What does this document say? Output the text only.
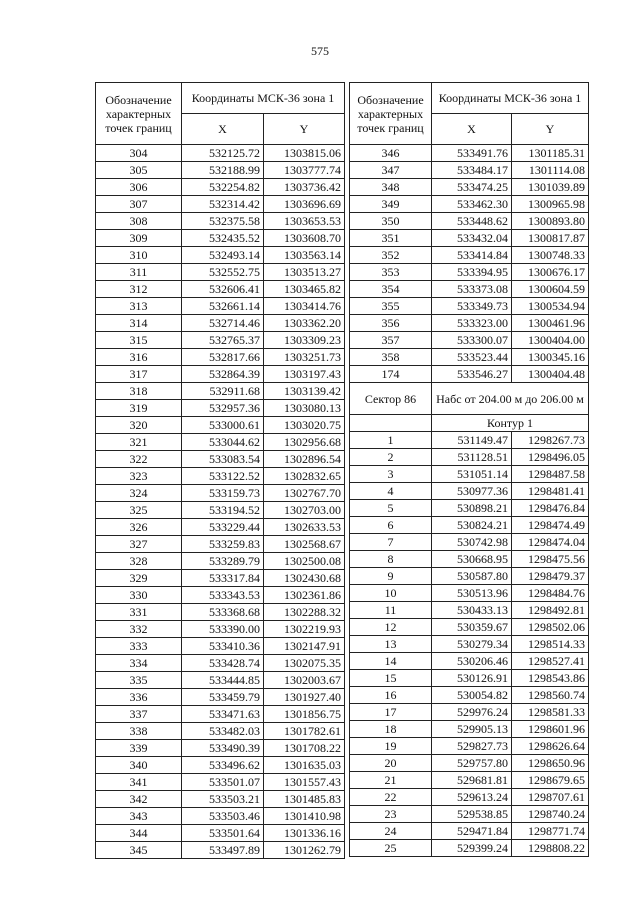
575
Обозначение характерных точек границ	Координаты МСК-36 зона 1	
	X	Y
304	532125.72	1303815.06
305	532188.99	1303777.74
306	532254.82	1303736.42
307	532314.42	1303696.69
308	532375.58	1303653.53
309	532435.52	1303608.70
310	532493.14	1303563.14
311	532552.75	1303513.27
312	532606.41	1303465.82
313	532661.14	1303414.76
314	532714.46	1303362.20
315	532765.37	1303309.23
316	532817.66	1303251.73
317	532864.39	1303197.43
318	532911.68	1303139.42
319	532957.36	1303080.13
320	533000.61	1303020.75
321	533044.62	1302956.68
322	533083.54	1302896.54
323	533122.52	1302832.65
324	533159.73	1302767.70
325	533194.52	1302703.00
326	533229.44	1302633.53
327	533259.83	1302568.67
328	533289.79	1302500.08
329	533317.84	1302430.68
330	533343.53	1302361.86
331	533368.68	1302288.32
332	533390.00	1302219.93
333	533410.36	1302147.91
334	533428.74	1302075.35
335	533444.85	1302003.67
336	533459.79	1301927.40
337	533471.63	1301856.75
338	533482.03	1301782.61
339	533490.39	1301708.22
340	533496.62	1301635.03
341	533501.07	1301557.43
342	533503.21	1301485.83
343	533503.46	1301410.98
344	533501.64	1301336.16
345	533497.89	1301262.79
Обозначение характерных точек границ	Координаты МСК-36 зона 1	
	X	Y
346	533491.76	1301185.31
347	533484.17	1301114.08
348	533474.25	1301039.89
349	533462.30	1300965.98
350	533448.62	1300893.80
351	533432.04	1300817.87
352	533414.84	1300748.33
353	533394.95	1300676.17
354	533373.08	1300604.59
355	533349.73	1300534.94
356	533323.00	1300461.96
357	533300.07	1300404.00
358	533523.44	1300345.16
174	533546.27	1300404.48
Сектор 86	Набс от 204.00 м до 206.00 м	
	Контур 1	
1	531149.47	1298267.73
2	531128.51	1298496.05
3	531051.14	1298487.58
4	530977.36	1298481.41
5	530898.21	1298476.84
6	530824.21	1298474.49
7	530742.98	1298474.04
8	530668.95	1298475.56
9	530587.80	1298479.37
10	530513.96	1298484.76
11	530433.13	1298492.81
12	530359.67	1298502.06
13	530279.34	1298514.33
14	530206.46	1298527.41
15	530126.91	1298543.86
16	530054.82	1298560.74
17	529976.24	1298581.33
18	529905.13	1298601.96
19	529827.73	1298626.64
20	529757.80	1298650.96
21	529681.81	1298679.65
22	529613.24	1298707.61
23	529538.85	1298740.24
24	529471.84	1298771.74
25	529399.24	1298808.22
